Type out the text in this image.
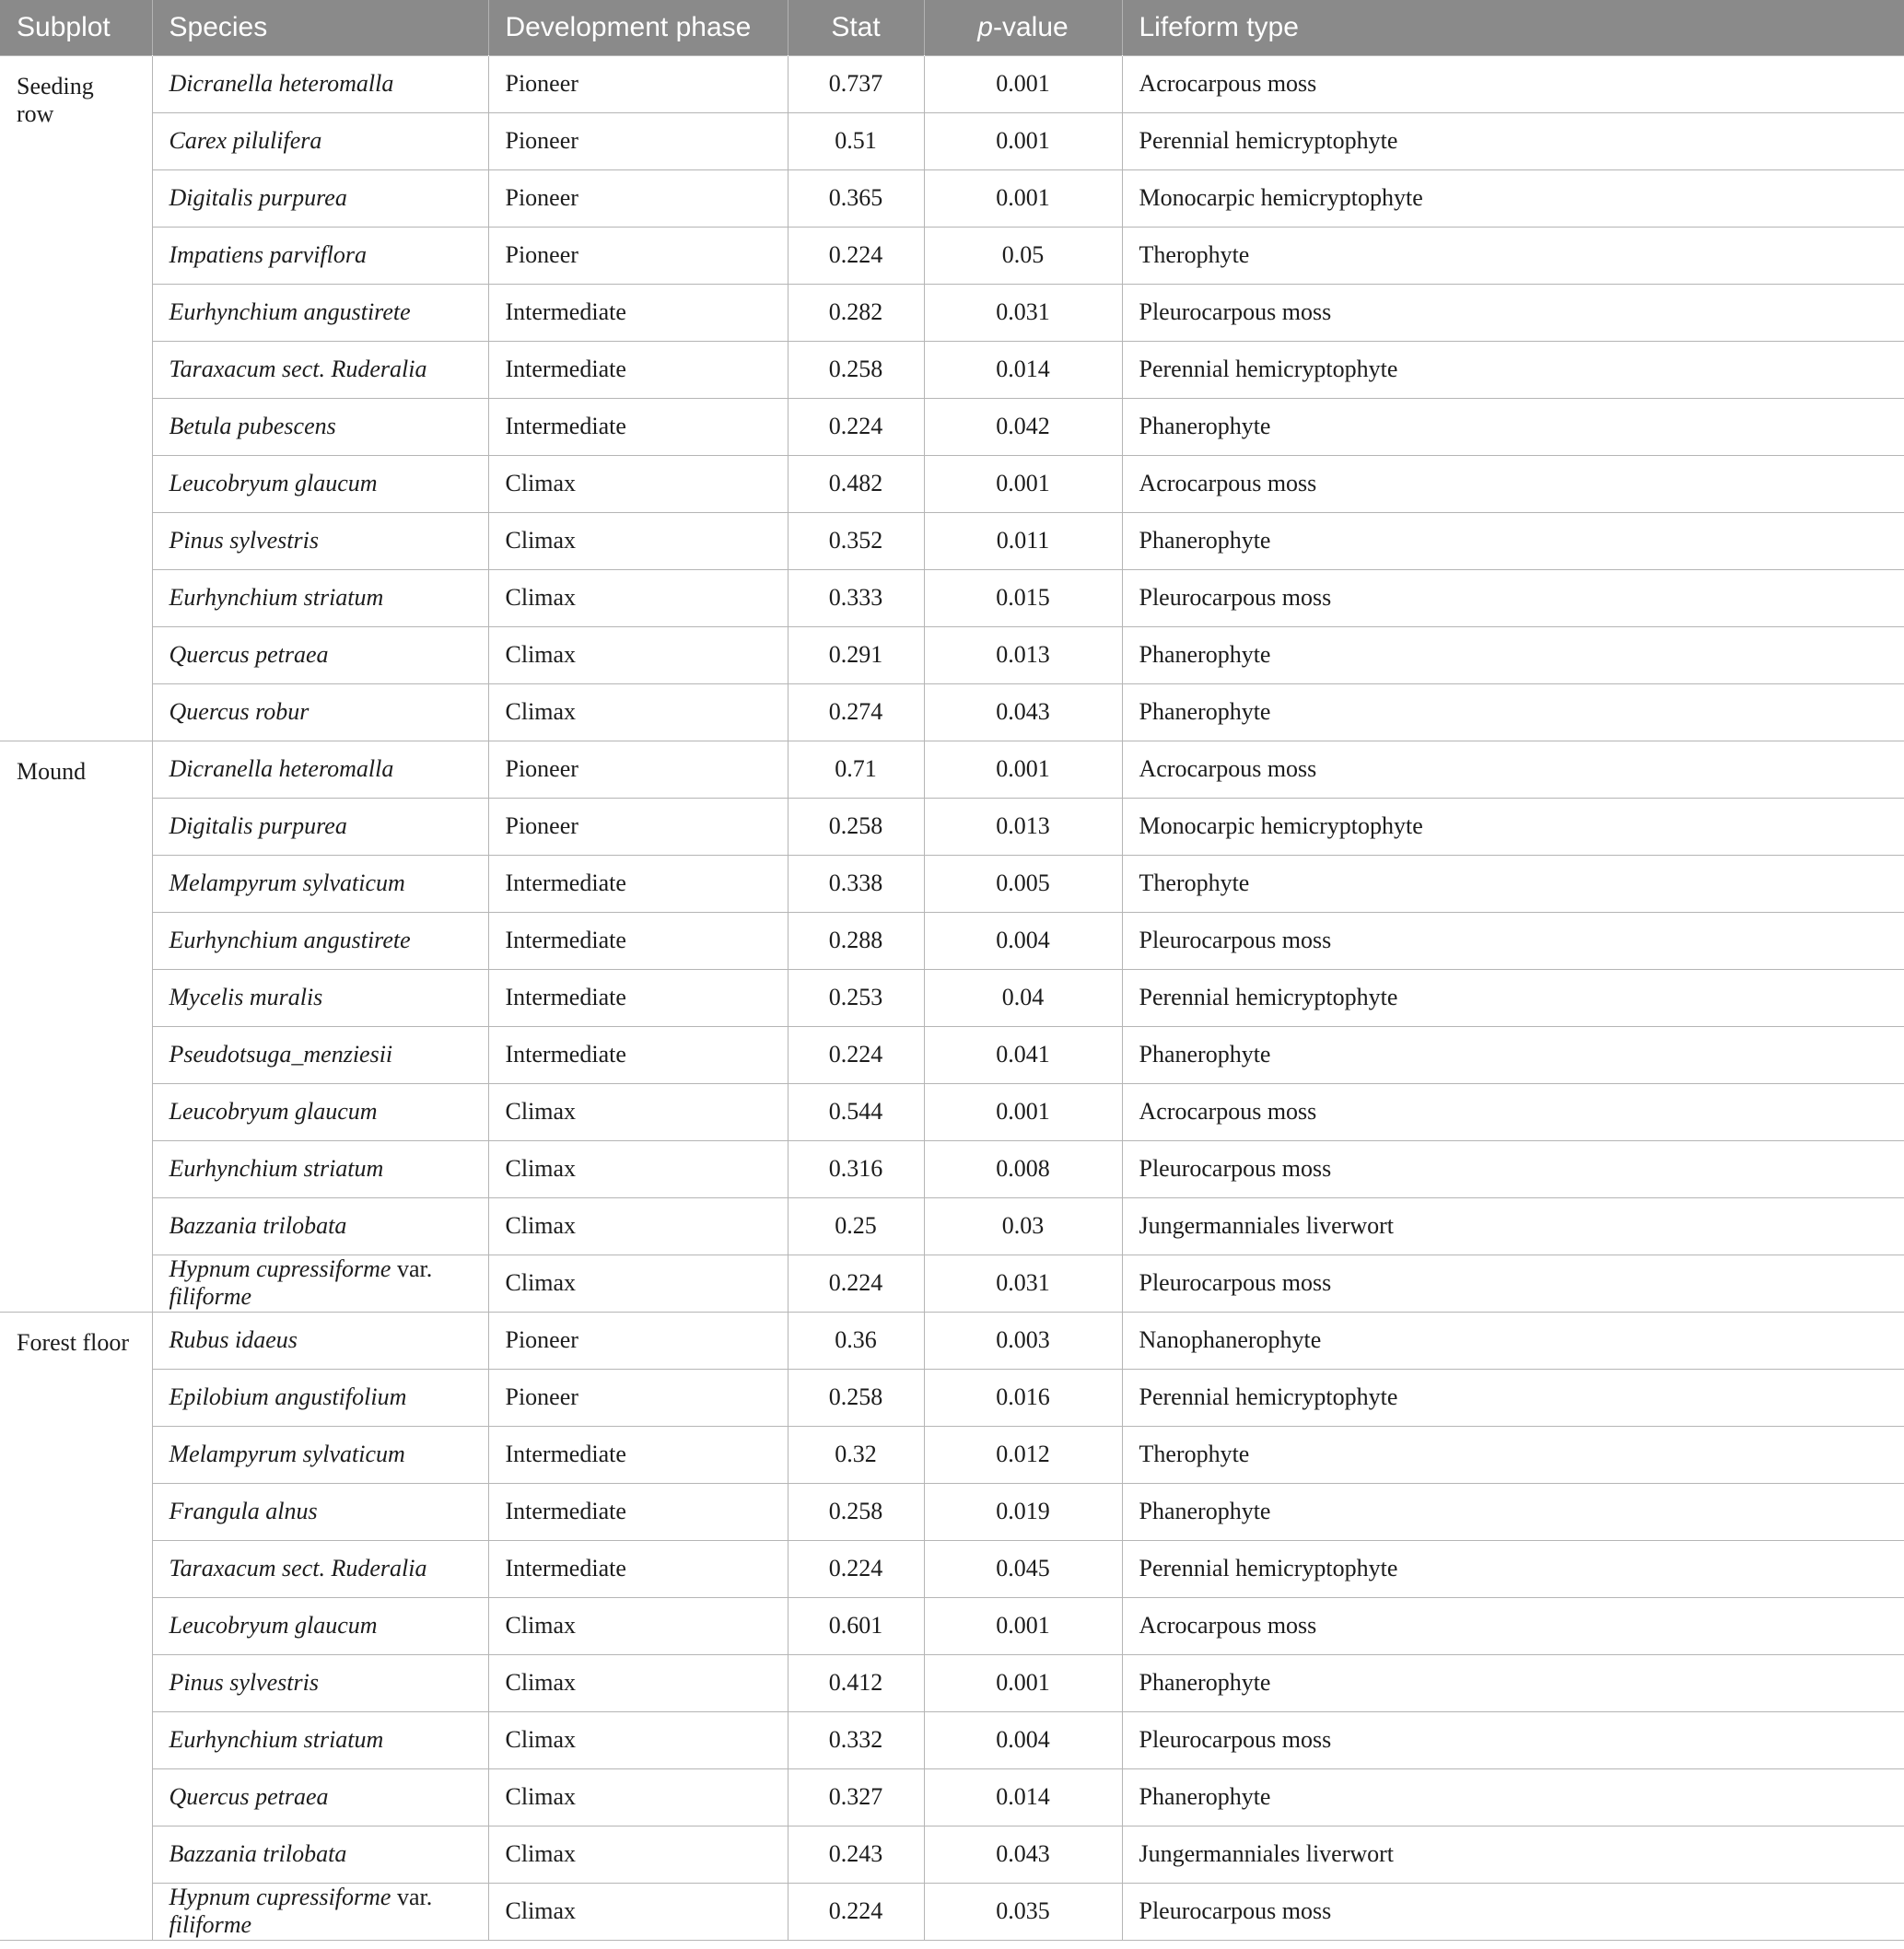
Subplot	Species	Development phase	Stat	p-value	Lifeform type
Seeding row	Dicranella heteromalla	Pioneer	0.737	0.001	Acrocarpous moss
	Carex pilulifera	Pioneer	0.51	0.001	Perennial hemicryptophyte
	Digitalis purpurea	Pioneer	0.365	0.001	Monocarpic hemicryptophyte
	Impatiens parviflora	Pioneer	0.224	0.05	Therophyte
	Eurhynchium angustirete	Intermediate	0.282	0.031	Pleurocarpous moss
	Taraxacum sect. Ruderalia	Intermediate	0.258	0.014	Perennial hemicryptophyte
	Betula pubescens	Intermediate	0.224	0.042	Phanerophyte
	Leucobryum glaucum	Climax	0.482	0.001	Acrocarpous moss
	Pinus sylvestris	Climax	0.352	0.011	Phanerophyte
	Eurhynchium striatum	Climax	0.333	0.015	Pleurocarpous moss
	Quercus petraea	Climax	0.291	0.013	Phanerophyte
	Quercus robur	Climax	0.274	0.043	Phanerophyte
Mound	Dicranella heteromalla	Pioneer	0.71	0.001	Acrocarpous moss
	Digitalis purpurea	Pioneer	0.258	0.013	Monocarpic hemicryptophyte
	Melampyrum sylvaticum	Intermediate	0.338	0.005	Therophyte
	Eurhynchium angustirete	Intermediate	0.288	0.004	Pleurocarpous moss
	Mycelis muralis	Intermediate	0.253	0.04	Perennial hemicryptophyte
	Pseudotsuga_menziesii	Intermediate	0.224	0.041	Phanerophyte
	Leucobryum glaucum	Climax	0.544	0.001	Acrocarpous moss
	Eurhynchium striatum	Climax	0.316	0.008	Pleurocarpous moss
	Bazzania trilobata	Climax	0.25	0.03	Jungermanniales liverwort
	Hypnum cupressiforme var. filiforme	Climax	0.224	0.031	Pleurocarpous moss
Forest floor	Rubus idaeus	Pioneer	0.36	0.003	Nanophanerophyte
	Epilobium angustifolium	Pioneer	0.258	0.016	Perennial hemicryptophyte
	Melampyrum sylvaticum	Intermediate	0.32	0.012	Therophyte
	Frangula alnus	Intermediate	0.258	0.019	Phanerophyte
	Taraxacum sect. Ruderalia	Intermediate	0.224	0.045	Perennial hemicryptophyte
	Leucobryum glaucum	Climax	0.601	0.001	Acrocarpous moss
	Pinus sylvestris	Climax	0.412	0.001	Phanerophyte
	Eurhynchium striatum	Climax	0.332	0.004	Pleurocarpous moss
	Quercus petraea	Climax	0.327	0.014	Phanerophyte
	Bazzania trilobata	Climax	0.243	0.043	Jungermanniales liverwort
	Hypnum cupressiforme var. filiforme	Climax	0.224	0.035	Pleurocarpous moss
